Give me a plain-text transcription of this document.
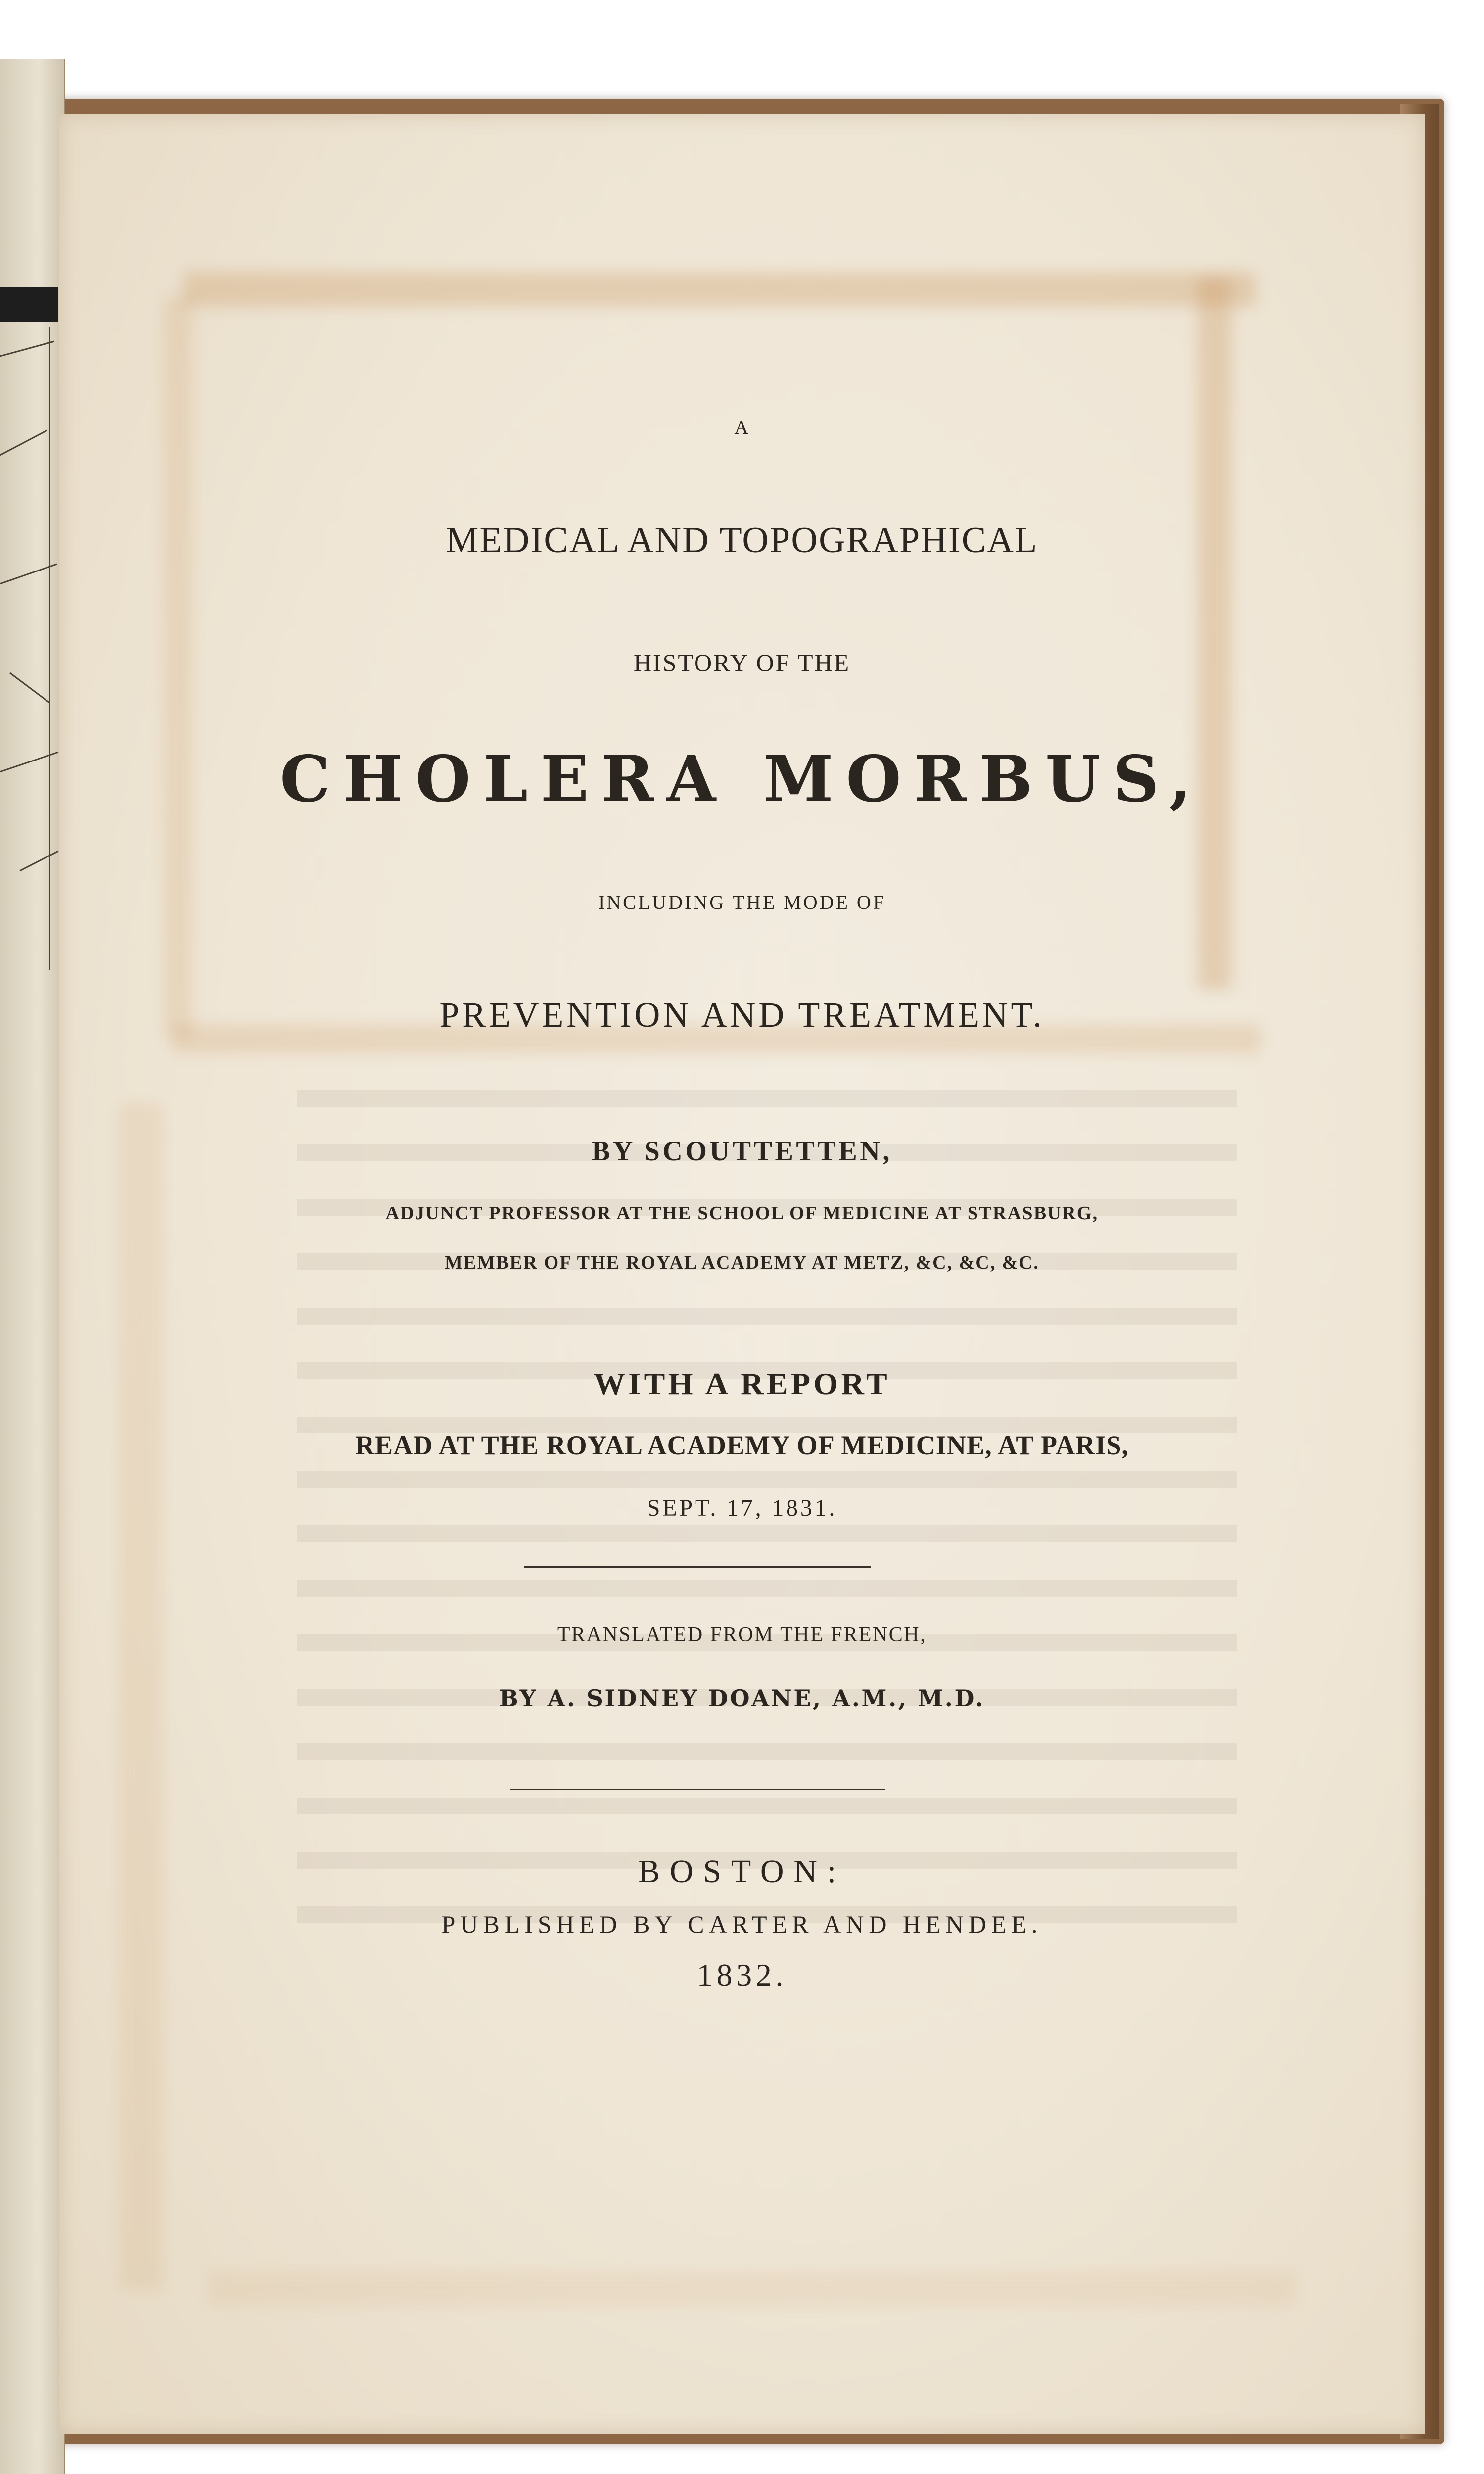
A
MEDICAL AND TOPOGRAPHICAL
HISTORY OF THE
CHOLERA MORBUS,
INCLUDING THE MODE OF
PREVENTION AND TREATMENT.
BY SCOUTTETTEN,
ADJUNCT PROFESSOR AT THE SCHOOL OF MEDICINE AT STRASBURG,
MEMBER OF THE ROYAL ACADEMY AT METZ, &C, &C, &C.
WITH A REPORT
READ AT THE ROYAL ACADEMY OF MEDICINE, AT PARIS,
SEPT. 17, 1831.
TRANSLATED FROM THE FRENCH,
BY A. SIDNEY DOANE, A.M., M.D.
BOSTON:
PUBLISHED BY CARTER AND HENDEE.
1832.
